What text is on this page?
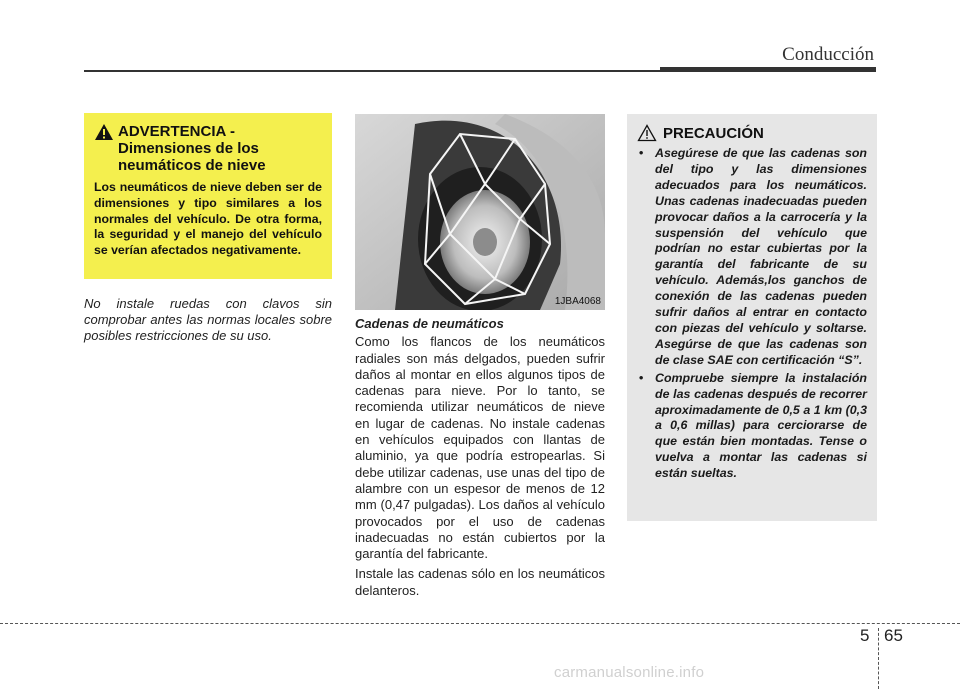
Conducción
ADVERTENCIA -
Dimensiones de los neumáticos de nieve
Los neumáticos de nieve deben ser de dimensiones y tipo similares a los normales del vehículo. De otra forma, la seguridad y el manejo del vehículo se verían afectados negativamente.
No instale ruedas con clavos sin comprobar antes las normas locales sobre posibles restricciones de su uso.
1JBA4068
Cadenas de neumáticos

Como los flancos de los neumáticos radiales son más delgados, pueden sufrir daños al montar en ellos algunos tipos de cadenas para nieve. Por lo tanto, se recomienda utilizar neumáticos de nieve en lugar de cadenas. No instale cadenas en vehículos equipados con llantas de aluminio, ya que podría estropearlas. Si debe utilizar cadenas, use unas del tipo de alambre con un espesor de menos de 12 mm (0,47 pulgadas). Los daños al vehículo provocados por el uso de cadenas inadecuadas no están cubiertos por la garantía del fabricante.

Instale las cadenas sólo en los neumáticos delanteros.

PRECAUCIÓN
• Asegúrese de que las cadenas son del tipo y las dimensiones adecuados para los neumáticos. Unas cadenas inadecuadas pueden provocar daños a la carrocería y la suspensión del vehículo que podrían no estar cubiertas por la garantía del fabricante de su vehículo. Además,los ganchos de conexión de las cadenas pueden sufrir daños al entrar en contacto con piezas del vehículo y soltarse. Asegúrse de que las cadenas son de clase SAE con certificación “S”.
• Compruebe siempre la instalación de las cadenas después de recorrer aproximadamente de 0,5 a 1 km (0,3 a 0,6 millas) para cerciorarse de que están bien montadas. Tense o vuelva a montar las cadenas si están sueltas.
5 65
carmanualsonline.info
